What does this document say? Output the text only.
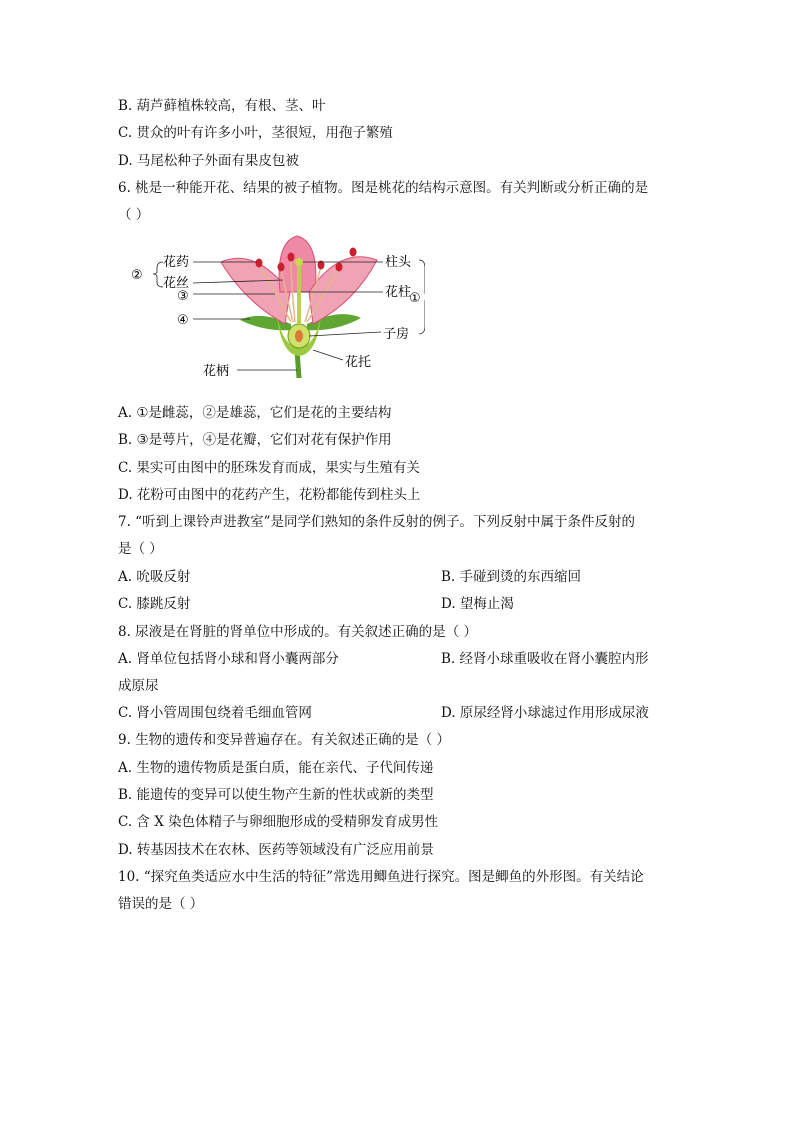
B. 葫芦藓植株较高，有根、茎、叶
C. 贯众的叶有许多小叶，茎很短，用孢子繁殖
D. 马尾松种子外面有果皮包被
6. 桃是一种能开花、结果的被子植物。图是桃花的结构示意图。有关判断或分析正确的是
（ ）
花药
花丝
②
③
④
柱头
花柱
子房
花托
花柄
①
A. ①是雌蕊，②是雄蕊，它们是花的主要结构
B. ③是萼片，④是花瓣，它们对花有保护作用
C. 果实可由图中的胚珠发育而成，果实与生殖有关
D. 花粉可由图中的花药产生，花粉都能传到柱头上
7. “听到上课铃声进教室”是同学们熟知的条件反射的例子。下列反射中属于条件反射的
是（ ）
A. 吮吸反射	B. 手碰到烫的东西缩回
C. 膝跳反射	D. 望梅止渴
8. 尿液是在肾脏的肾单位中形成的。有关叙述正确的是（ ）
A. 肾单位包括肾小球和肾小囊两部分	B. 经肾小球重吸收在肾小囊腔内形
成原尿
C. 肾小管周围包绕着毛细血管网	D. 原尿经肾小球滤过作用形成尿液
9. 生物的遗传和变异普遍存在。有关叙述正确的是（ ）
A. 生物的遗传物质是蛋白质，能在亲代、子代间传递
B. 能遗传的变异可以使生物产生新的性状或新的类型
C. 含 X 染色体精子与卵细胞形成的受精卵发育成男性
D. 转基因技术在农林、医药等领域没有广泛应用前景
10. “探究鱼类适应水中生活的特征”常选用鲫鱼进行探究。图是鲫鱼的外形图。有关结论
错误的是（ ）
